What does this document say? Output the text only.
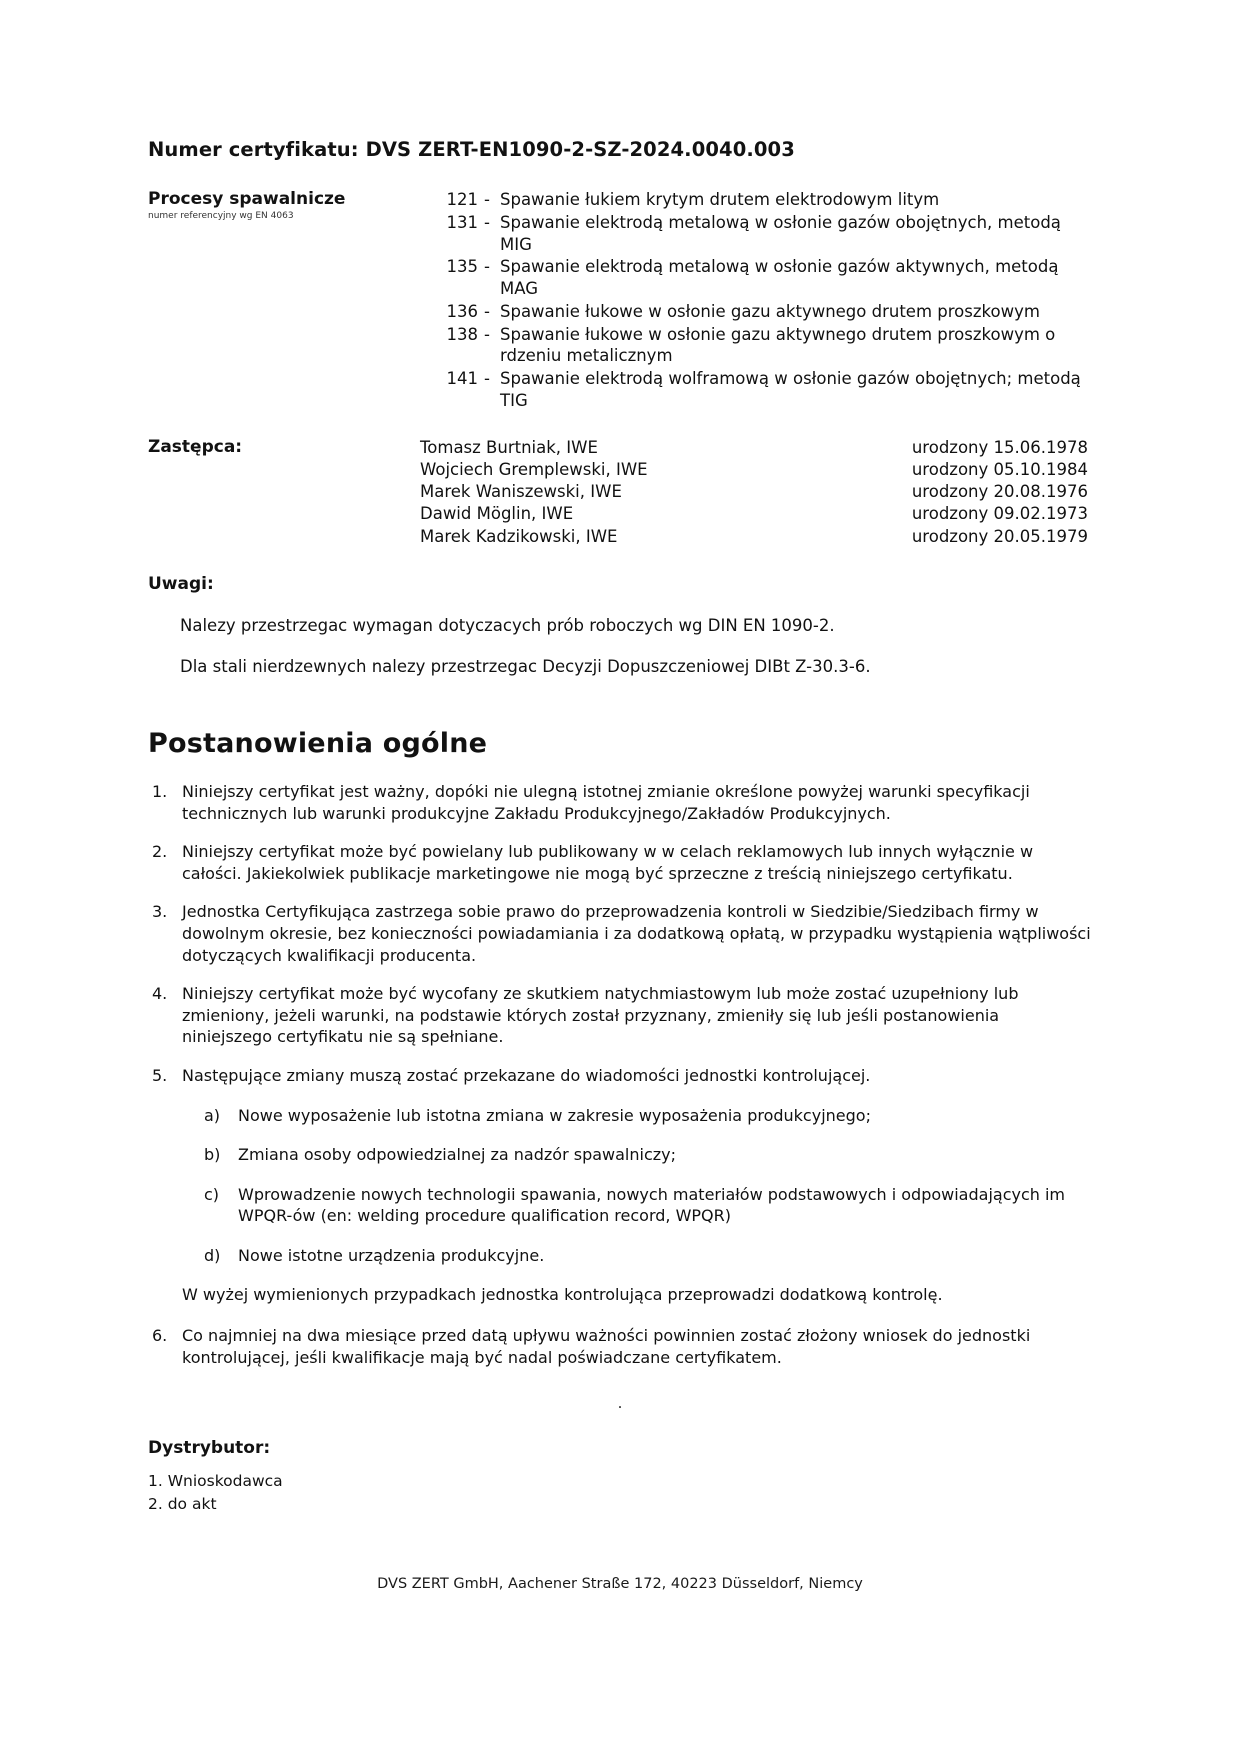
Numer certyfikatu: DVS ZERT-EN1090-2-SZ-2024.0040.003
Procesy spawalnicze
numer referencyjny wg EN 4063
121 - Spawanie łukiem krytym drutem elektrodowym litym
131 - Spawanie elektrodą metalową w osłonie gazów obojętnych, metodą MIG
135 - Spawanie elektrodą metalową w osłonie gazów aktywnych, metodą MAG
136 - Spawanie łukowe w osłonie gazu aktywnego drutem proszkowym
138 - Spawanie łukowe w osłonie gazu aktywnego drutem proszkowym o rdzeniu metalicznym
141 - Spawanie elektrodą wolframową w osłonie gazów obojętnych; metodą TIG
Zastępca:	Tomasz Burtniak, IWE	urodzony 15.06.1978
Wojciech Gremplewski, IWE	urodzony 05.10.1984
Marek Waniszewski, IWE	urodzony 20.08.1976
Dawid Möglin, IWE	urodzony 09.02.1973
Marek Kadzikowski, IWE	urodzony 20.05.1979
Uwagi:
Nalezy przestrzegac wymagan dotyczacych prób roboczych wg DIN EN 1090-2.
Dla stali nierdzewnych nalezy przestrzegac Decyzji Dopuszczeniowej DIBt Z-30.3-6.
Postanowienia ogólne
1. Niniejszy certyfikat jest ważny, dopóki nie ulegną istotnej zmianie określone powyżej warunki specyfikacji technicznych lub warunki produkcyjne Zakładu Produkcyjnego/Zakładów Produkcyjnych.
2. Niniejszy certyfikat może być powielany lub publikowany w w celach reklamowych lub innych wyłącznie w całości. Jakiekolwiek publikacje marketingowe nie mogą być sprzeczne z treścią niniejszego certyfikatu.
3. Jednostka Certyfikująca zastrzega sobie prawo do przeprowadzenia kontroli w Siedzibie/Siedzibach firmy w dowolnym okresie, bez konieczności powiadamiania i za dodatkową opłatą, w przypadku wystąpienia wątpliwości dotyczących kwalifikacji producenta.
4. Niniejszy certyfikat może być wycofany ze skutkiem natychmiastowym lub może zostać uzupełniony lub zmieniony, jeżeli warunki, na podstawie których został przyznany, zmieniły się lub jeśli postanowienia niniejszego certyfikatu nie są spełniane.
5. Następujące zmiany muszą zostać przekazane do wiadomości jednostki kontrolującej.
a)	Nowe wyposażenie lub istotna zmiana w zakresie wyposażenia produkcyjnego;
b)	Zmiana osoby odpowiedzialnej za nadzór spawalniczy;
c)	Wprowadzenie nowych technologii spawania, nowych materiałów podstawowych i odpowiadających im WPQR-ów (en: welding procedure qualification record, WPQR)
d)	Nowe istotne urządzenia produkcyjne.
W wyżej wymienionych przypadkach jednostka kontrolująca przeprowadzi dodatkową kontrolę.
6. Co najmniej na dwa miesiące przed datą upływu ważności powinnien zostać złożony wniosek do jednostki kontrolującej, jeśli kwalifikacje mają być nadal poświadczane certyfikatem.
.
Dystrybutor:
1. Wnioskodawca
2. do akt
DVS ZERT GmbH, Aachener Straße 172, 40223 Düsseldorf, Niemcy
